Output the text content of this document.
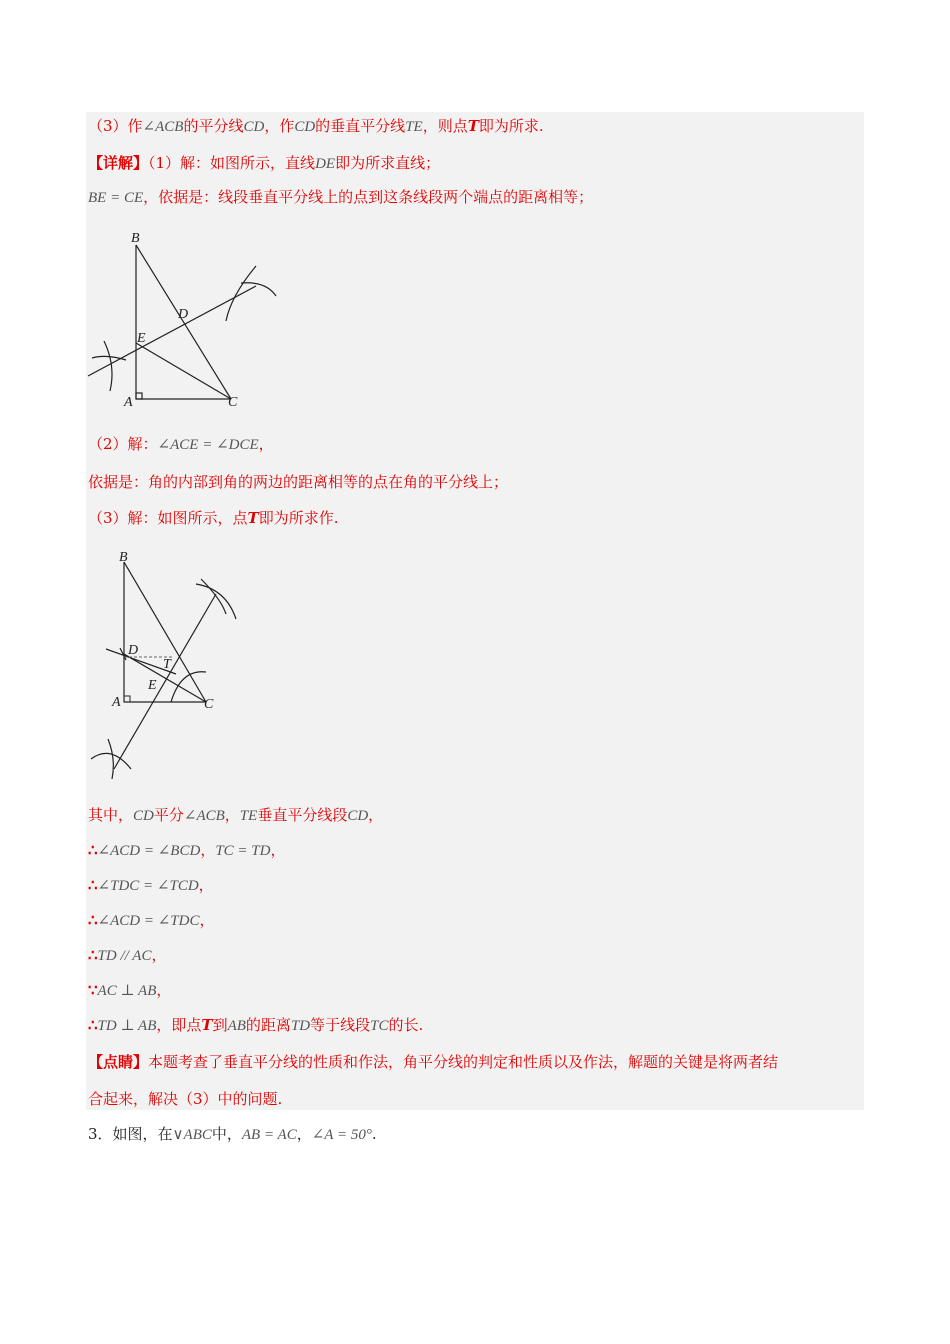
（3）作∠ACB的平分线CD，作CD的垂直平分线TE，则点T即为所求.
【详解】（1）解：如图所示，直线DE即为所求直线；
BE = CE，依据是：线段垂直平分线上的点到这条线段两个端点的距离相等；
B
D
E
A	C
（2）解：∠ACE = ∠DCE，
依据是：角的内部到角的两边的距离相等的点在角的平分线上；
（3）解：如图所示，点T即为所求作.
B
D
T
E
A	C
其中，CD平分∠ACB，TE垂直平分线段CD，
∴∠ACD = ∠BCD，TC = TD，
∴∠TDC = ∠TCD，
∴∠ACD = ∠TDC，
∴TD // AC，
∵AC ⊥ AB，
∴TD ⊥ AB，即点T到AB的距离TD等于线段TC的长.
【点睛】本题考查了垂直平分线的性质和作法，角平分线的判定和性质以及作法，解题的关键是将两者结
合起来，解决（3）中的问题.
3．如图，在∨ABC中，AB = AC，∠A = 50°.
